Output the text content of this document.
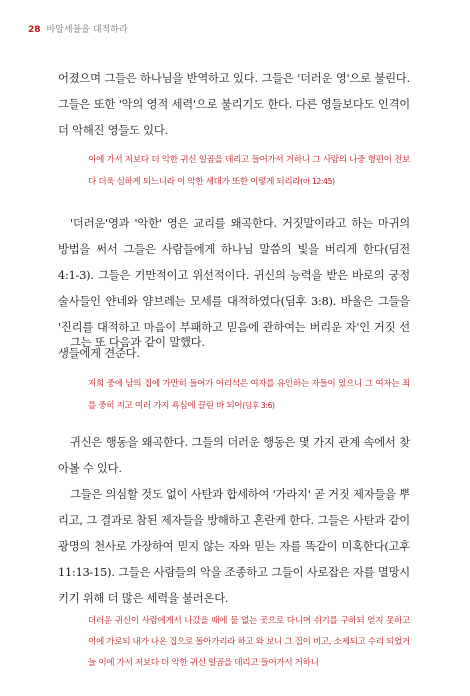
28 바알세불을 대적하라
어졌으며 그들은 하나님을 반역하고 있다. 그들은 '더러운 영'으로 불린다. 그들은 또한 '악의 영적 세력'으로 불리기도 한다. 다른 영들보다도 인격이 더 악해진 영들도 있다.
이에 가서 저보다 더 악한 귀신 일곱을 데리고 들어가서 거하니 그 사람의 나중 형편이 전보다 더욱 심하게 되느니라 이 악한 세대가 또한 이렇게 되리라(마 12:45)
'더러운'영과 '악한' 영은 교리를 왜곡한다. 거짓말이라고 하는 마귀의 방법을 써서 그들은 사람들에게 하나님 말씀의 빛을 버리게 한다(딤전 4:1-3). 그들은 기만적이고 위선적이다. 귀신의 능력을 받은 바로의 궁정 술사들인 얀네와 얌브레는 모세를 대적하였다(딤후 3:8). 바울은 그들을 '진리를 대적하고 마음이 부패하고 믿음에 관하여는 버리운 자'인 거짓 선생들에게 견준다.
그는 또 다음과 같이 말했다.
저희 중에 남의 집에 가만히 들어가 어리석은 여자를 유인하는 자들이 있으니 그 여자는 죄를 중히 지고 여러 가지 욕심에 끌린 바 되어(딤후 3:6)
귀신은 행동을 왜곡한다. 그들의 더러운 행동은 몇 가지 관계 속에서 찾아볼 수 있다.
그들은 의심할 것도 없이 사탄과 합세하여 '가라지' 곧 거짓 제자들을 뿌리고, 그 결과로 참된 제자들을 방해하고 혼란케 한다. 그들은 사탄과 같이 광명의 천사로 가장하여 믿지 않는 자와 믿는 자를 똑같이 미혹한다(고후 11:13-15). 그들은 사람들의 악을 조종하고 그들이 사로잡은 자를 멸망시키기 위해 더 많은 세력을 불러온다.
더러운 귀신이 사람에게서 나갔을 때에 물 없는 곳으로 다니며 쉬기를 구하되 얻지 못하고 이에 가로되 내가 나온 집으로 돌아가리라 하고 와 보니 그 집이 비고, 소제되고 수리 되었거늘 이에 가서 저보다 더 악한 귀신 일곱을 데리고 들어가서 거하니
